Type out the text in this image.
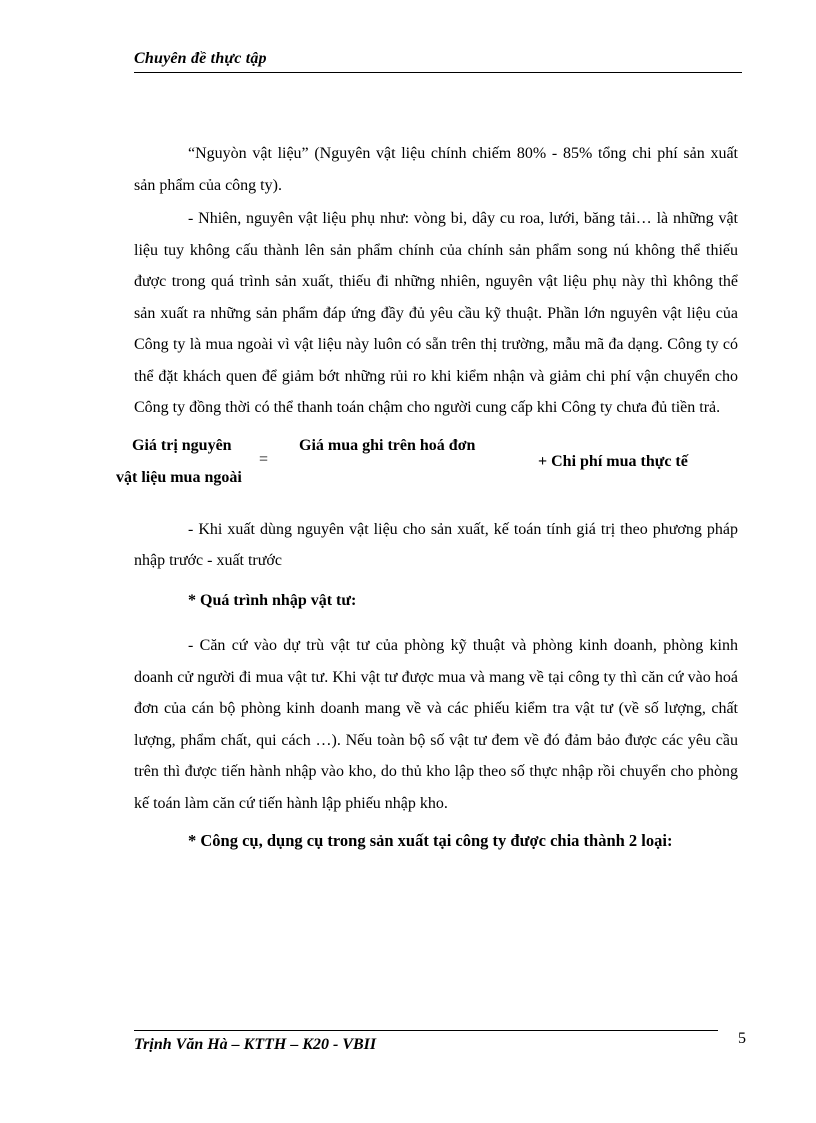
Chuyên đề thực tập

“Nguyòn vật liệu” (Nguyên vật liệu chính chiếm 80% - 85% tổng chi phí sản xuất sản phẩm của công ty).

- Nhiên, nguyên vật liệu phụ như: vòng bi, dây cu roa, lưới, băng tải… là những vật liệu tuy không cấu thành lên sản phẩm chính của chính sản phẩm song nú không thể thiếu được trong quá trình sản xuất, thiếu đi những nhiên, nguyên vật liệu phụ này thì không thể sản xuất ra những sản phẩm đáp ứng đầy đủ yêu cầu kỹ thuật. Phần lớn nguyên vật liệu của Công ty là mua ngoài vì vật liệu này luôn có sẵn trên thị trường, mẫu mã đa dạng. Công ty có thể đặt khách quen để giảm bớt những rủi ro khi kiểm nhận và giảm chi phí vận chuyển cho Công ty đồng thời có thể thanh toán chậm cho người cung cấp khi Công ty chưa đủ tiền trả.

Giá trị nguyên
vật liệu mua ngoài
=
Giá mua ghi trên hoá đơn
+ Chi phí mua thực tế

- Khi xuất dùng nguyên vật liệu cho sản xuất, kế toán tính giá trị theo phương pháp nhập trước - xuất trước

* Quá trình nhập vật tư:

- Căn cứ vào dự trù vật tư của phòng kỹ thuật và phòng kinh doanh, phòng kinh doanh cử người đi mua vật tư. Khi vật tư được mua và mang về tại công ty thì căn cứ vào hoá đơn của cán bộ phòng kinh doanh mang về và các phiếu kiểm tra vật tư (về số lượng, chất lượng, phẩm chất, qui cách …). Nếu toàn bộ số vật tư đem về đó đảm bảo được các yêu cầu trên thì được tiến hành nhập vào kho, do thủ kho lập theo số thực nhập rồi chuyển cho phòng kế toán làm căn cứ tiến hành lập phiếu nhập kho.

* Công cụ, dụng cụ trong sản xuất tại công ty được chia thành 2 loại:

Trịnh Văn Hà – KTTH – K20 - VBII	5
